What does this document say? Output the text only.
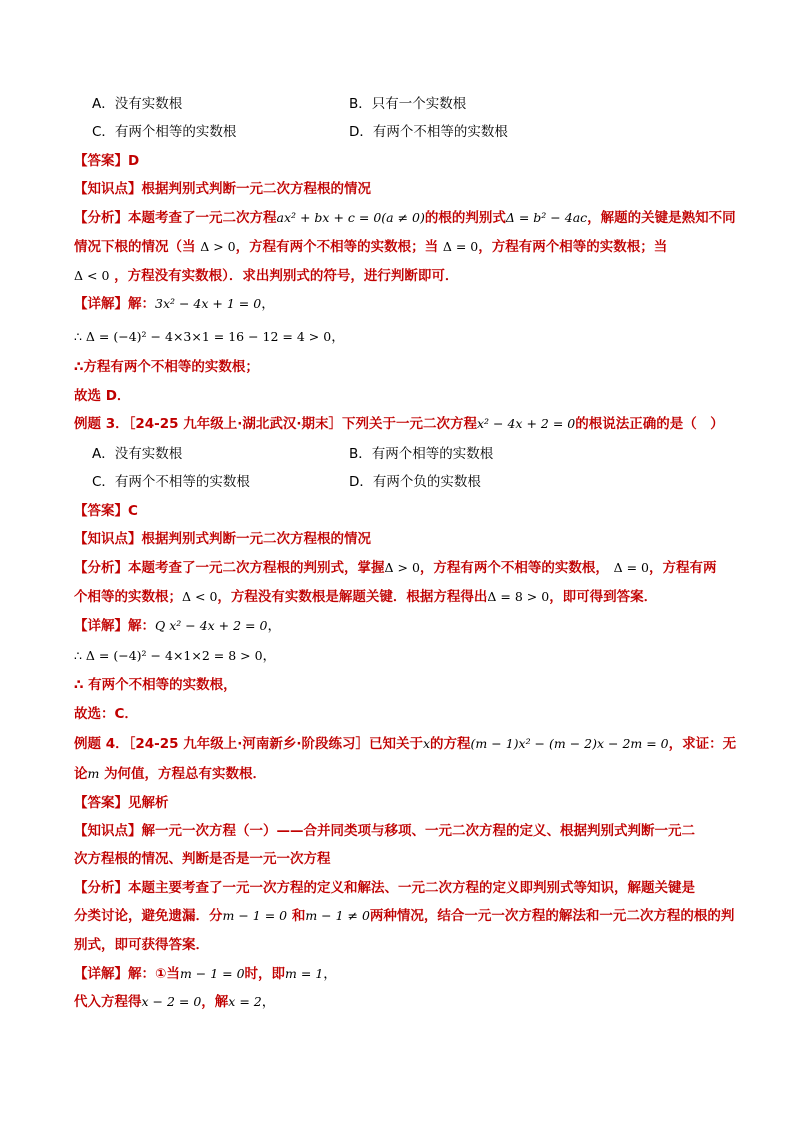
A．没有实数根	B．只有一个实数根
C．有两个相等的实数根	D．有两个不相等的实数根
【答案】D
【知识点】根据判别式判断一元二次方程根的情况
【分析】本题考查了一元二次方程ax² + bx + c = 0(a ≠ 0)的根的判别式Δ = b² − 4ac，解题的关键是熟知不同
情况下根的情况（当 Δ > 0，方程有两个不相等的实数根；当 Δ = 0，方程有两个相等的实数根；当
Δ < 0 ，方程没有实数根）．求出判别式的符号，进行判断即可．
【详解】解：3x² − 4x + 1 = 0，
∴ Δ = (−4)² − 4×3×1 = 16 − 12 = 4 > 0，
∴方程有两个不相等的实数根；
故选 D．
例题 3．［24-25 九年级上·湖北武汉·期末］下列关于一元二次方程x² − 4x + 2 = 0的根说法正确的是（　）
A．没有实数根	B．有两个相等的实数根
C．有两个不相等的实数根	D．有两个负的实数根
【答案】C
【知识点】根据判别式判断一元二次方程根的情况
【分析】本题考查了一元二次方程根的判别式，掌握Δ > 0，方程有两个不相等的实数根， Δ = 0，方程有两
个相等的实数根；Δ < 0，方程没有实数根是解题关键．根据方程得出Δ = 8 > 0，即可得到答案．
【详解】解：Q x² − 4x + 2 = 0，
∴ Δ = (−4)² − 4×1×2 = 8 > 0，
∴ 有两个不相等的实数根，
故选：C．
例题 4．［24-25 九年级上·河南新乡·阶段练习］已知关于x的方程(m − 1)x² − (m − 2)x − 2m = 0，求证：无
论m 为何值，方程总有实数根．
【答案】见解析
【知识点】解一元一次方程（一）——合并同类项与移项、一元二次方程的定义、根据判别式判断一元二
次方程根的情况、判断是否是一元一次方程
【分析】本题主要考查了一元一次方程的定义和解法、一元二次方程的定义即判别式等知识，解题关键是
分类讨论，避免遗漏．分m − 1 = 0 和m − 1 ≠ 0两种情况，结合一元一次方程的解法和一元二次方程的根的判
别式，即可获得答案．
【详解】解：①当m − 1 = 0时，即m = 1，
代入方程得x − 2 = 0，解x = 2，
